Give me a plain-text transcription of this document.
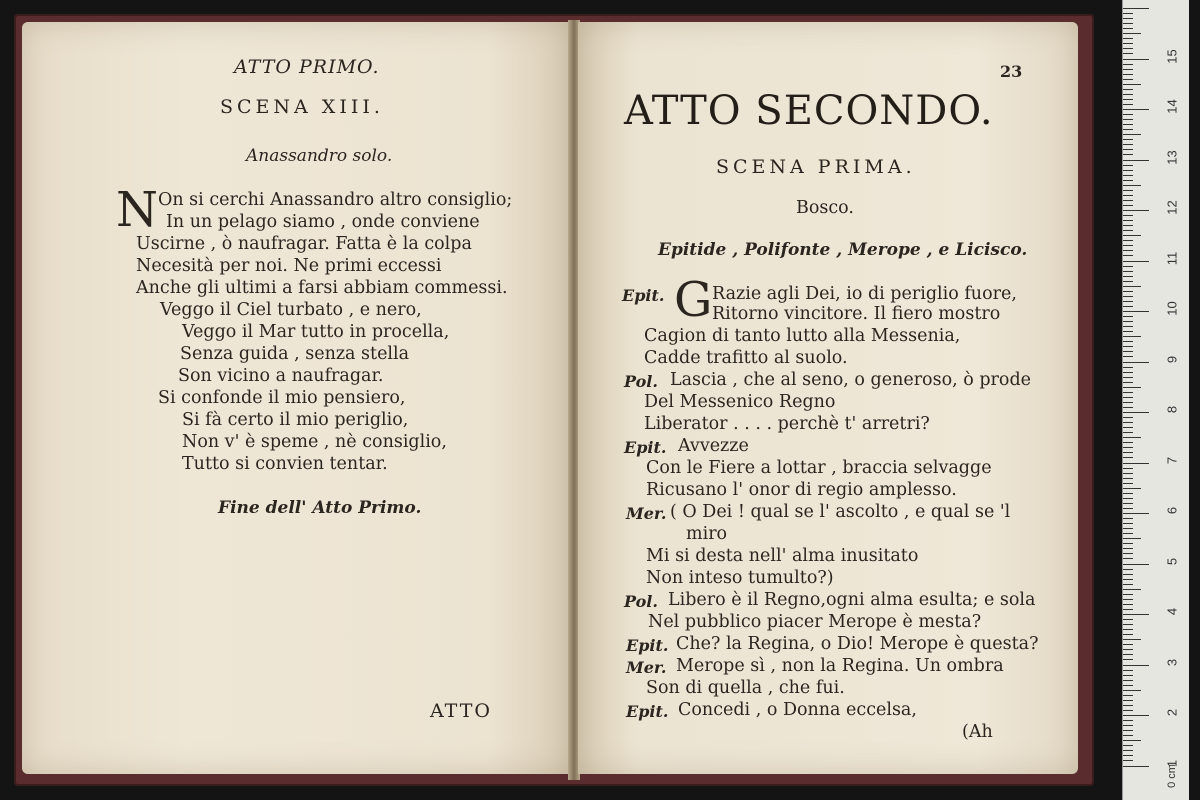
ATTO PRIMO.
SCENA XIII.
Anassandro solo.
N On si cerchi Anassandro altro consiglio;
In un pelago siamo , onde conviene
Uscirne , ò naufragar. Fatta è la colpa
Necesità per noi. Ne primi eccessi
Anche gli ultimi a farsi abbiam commessi.
Veggo il Ciel turbato , e nero,
Veggo il Mar tutto in procella,
Senza guida , senza stella
Son vicino a naufragar.
Si confonde il mio pensiero,
Si fà certo il mio periglio,
Non v' è speme , nè consiglio,
Tutto si convien tentar.
Fine dell' Atto Primo.
ATTO
23
ATTO SECONDO.
SCENA PRIMA.
Bosco.
Epitide , Polifonte , Merope , e Licisco.
Epit. G Razie agli Dei, io di periglio fuore,
Ritorno vincitore. Il fiero mostro
Cagion di tanto lutto alla Messenia,
Cadde trafitto al suolo.
Pol. Lascia , che al seno, o generoso, ò prode
Del Messenico Regno
Liberator . . . . perchè t' arretri?
Epit. Avvezze
Con le Fiere a lottar , braccia selvagge
Ricusano l' onor di regio amplesso.
Mer. ( O Dei ! qual se l' ascolto , e qual se 'l
miro
Mi si desta nell' alma inusitato
Non inteso tumulto?)
Pol. Libero è il Regno,ogni alma esulta; e sola
Nel pubblico piacer Merope è mesta?
Epit. Che? la Regina, o Dio! Merope è questa?
Mer. Merope sì , non la Regina. Un ombra
Son di quella , che fui.
Epit. Concedi , o Donna eccelsa,
(Ah
0 cm
15
14
13
12
11
10
9
8
7
6
5
4
3
2
1
